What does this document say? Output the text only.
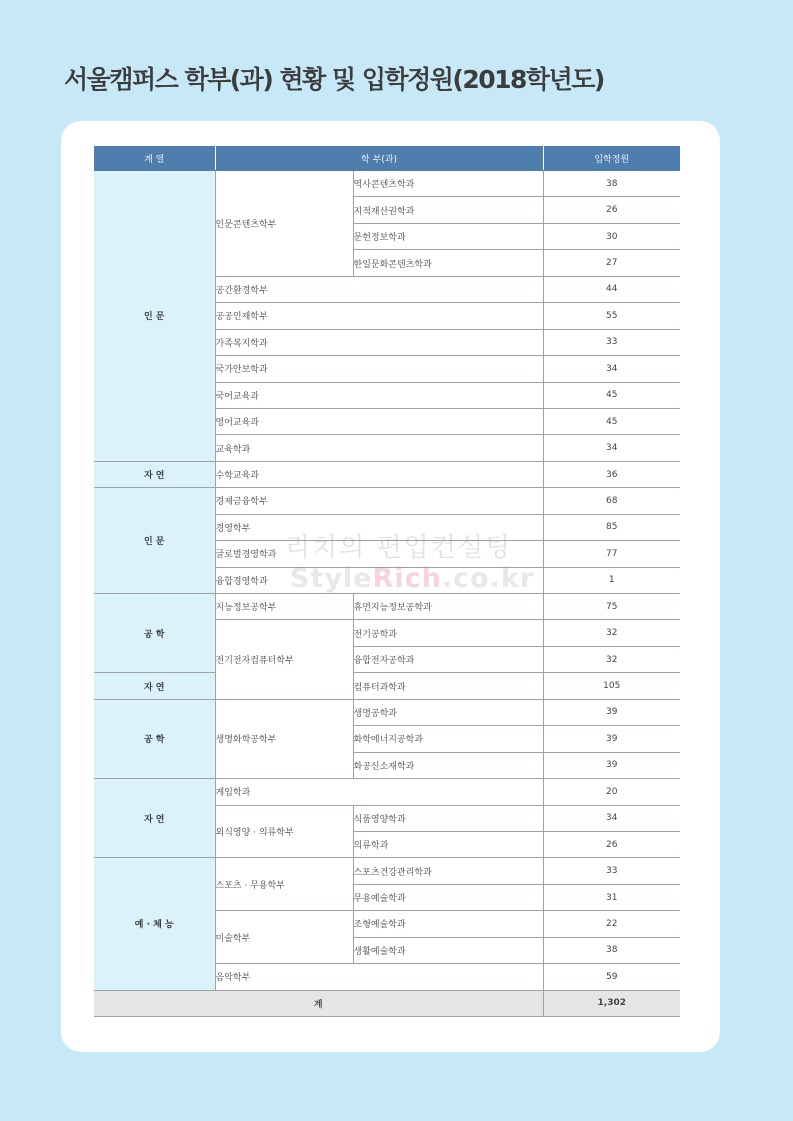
서울캠퍼스 학부(과) 현황 및 입학정원(2018학년도)
계 열	학 부(과)		입학정원
인 문	인문콘텐츠학부	역사콘텐츠학과	38
		지적재산권학과	26
		문헌정보학과	30
		한일문화콘텐츠학과	27
	공간환경학부		44
	공공인재학부		55
	가족복지학과		33
	국가안보학과		34
	국어교육과		45
	영어교육과		45
	교육학과		34
자 연	수학교육과		36
인 문	경제금융학부		68
	경영학부		85
	글로벌경영학과		77
	융합경영학과		1
공 학	지능정보공학부	휴먼지능정보공학과	75
	전기전자컴퓨터학부	전기공학과	32
		융합전자공학과	32
자 연		컴퓨터과학과	105
공 학	생명화학공학부	생명공학과	39
		화학에너지공학과	39
		화공신소재학과	39
자 연	게임학과		20
	외식영양 · 의류학부	식품영양학과	34
		의류학과	26
예 · 체 능	스포츠 · 무용학부	스포츠건강관리학과	33
		무용예술학과	31
	미술학부	조형예술학과	22
		생활예술학과	38
	음악학부		59
계			1,302
리치의 편입컨설팅
StyleRich.co.kr
